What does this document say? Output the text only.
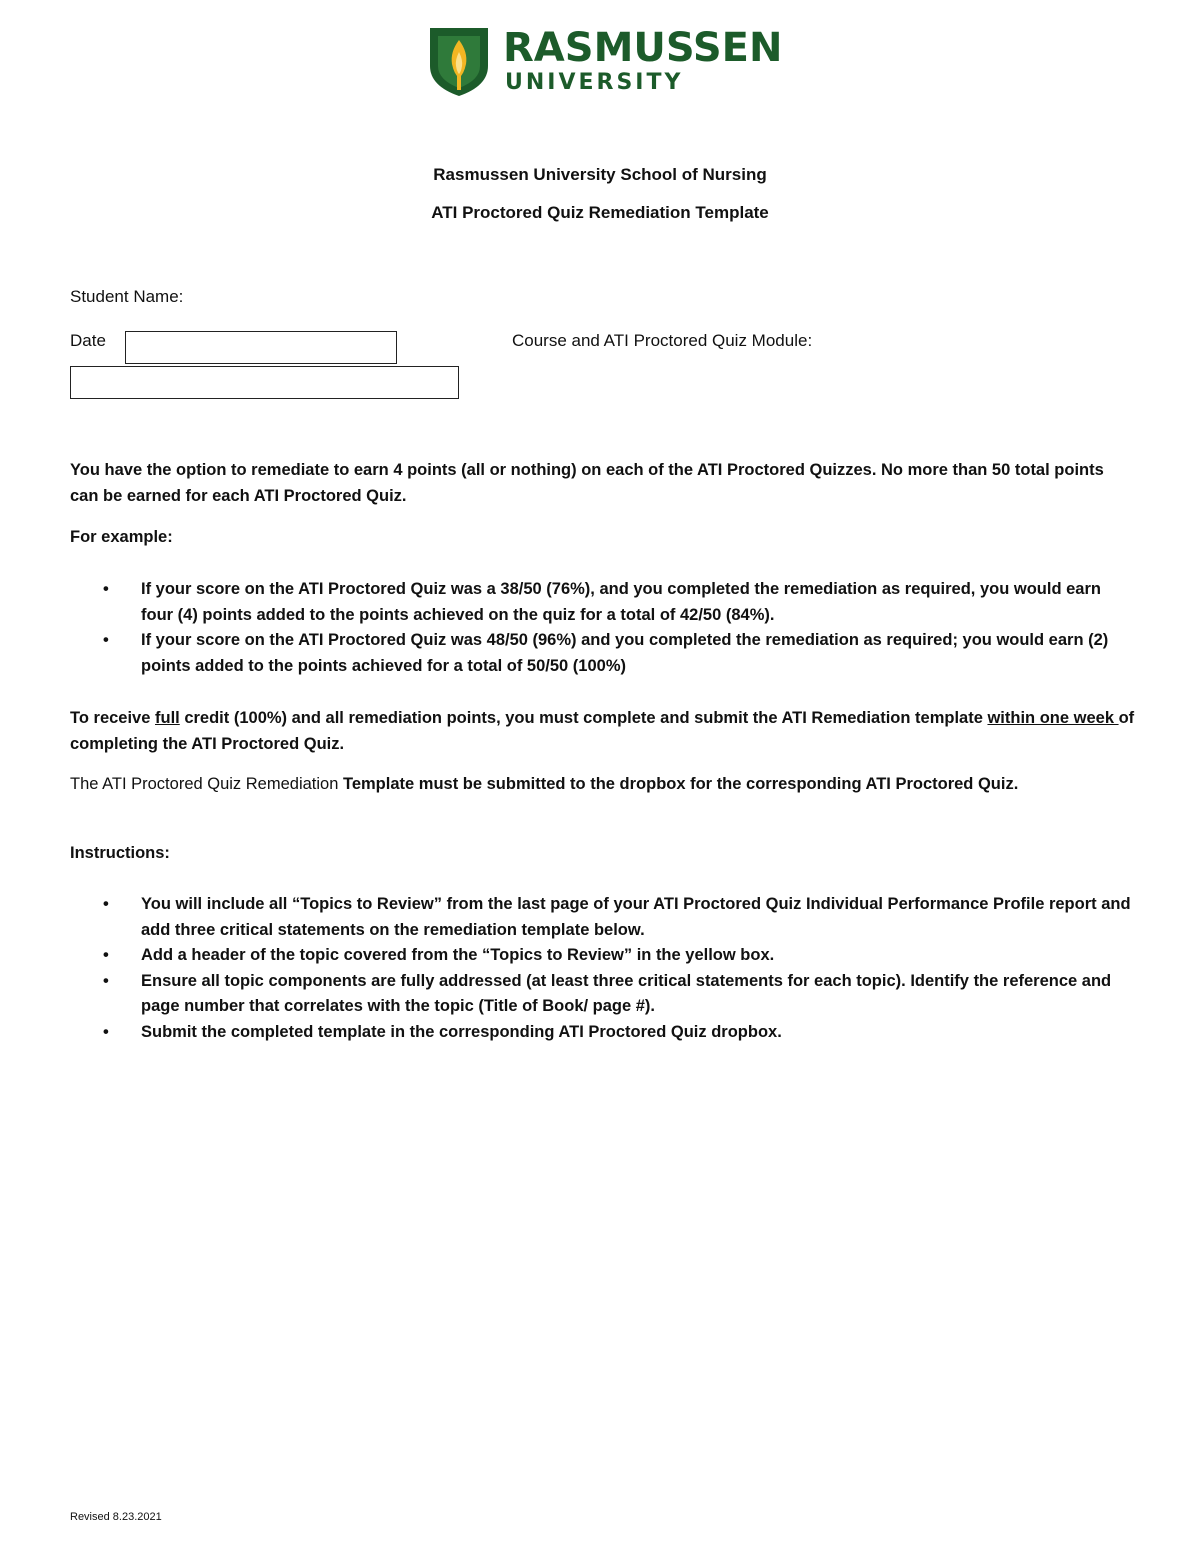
RASMUSSEN
UNIVERSITY
Rasmussen University School of Nursing
ATI Proctored Quiz Remediation Template
Student Name:
Date	Course and ATI Proctored Quiz Module:
You have the option to remediate to earn 4 points (all or nothing) on each of the ATI Proctored Quizzes. No more than 50 total points can be earned for each ATI Proctored Quiz.
For example:
• If your score on the ATI Proctored Quiz was a 38/50 (76%), and you completed the remediation as required, you would earn four (4) points added to the points achieved on the quiz for a total of 42/50 (84%).
• If your score on the ATI Proctored Quiz was 48/50 (96%) and you completed the remediation as required; you would earn (2) points added to the points achieved for a total of 50/50 (100%)
To receive full credit (100%) and all remediation points, you must complete and submit the ATI Remediation template within one week of completing the ATI Proctored Quiz.
The ATI Proctored Quiz Remediation Template must be submitted to the dropbox for the corresponding ATI Proctored Quiz.
Instructions:
• You will include all “Topics to Review” from the last page of your ATI Proctored Quiz Individual Performance Profile report and add three critical statements on the remediation template below.
• Add a header of the topic covered from the “Topics to Review” in the yellow box.
• Ensure all topic components are fully addressed (at least three critical statements for each topic). Identify the reference and page number that correlates with the topic (Title of Book/ page #).
• Submit the completed template in the corresponding ATI Proctored Quiz dropbox.
Revised 8.23.2021
